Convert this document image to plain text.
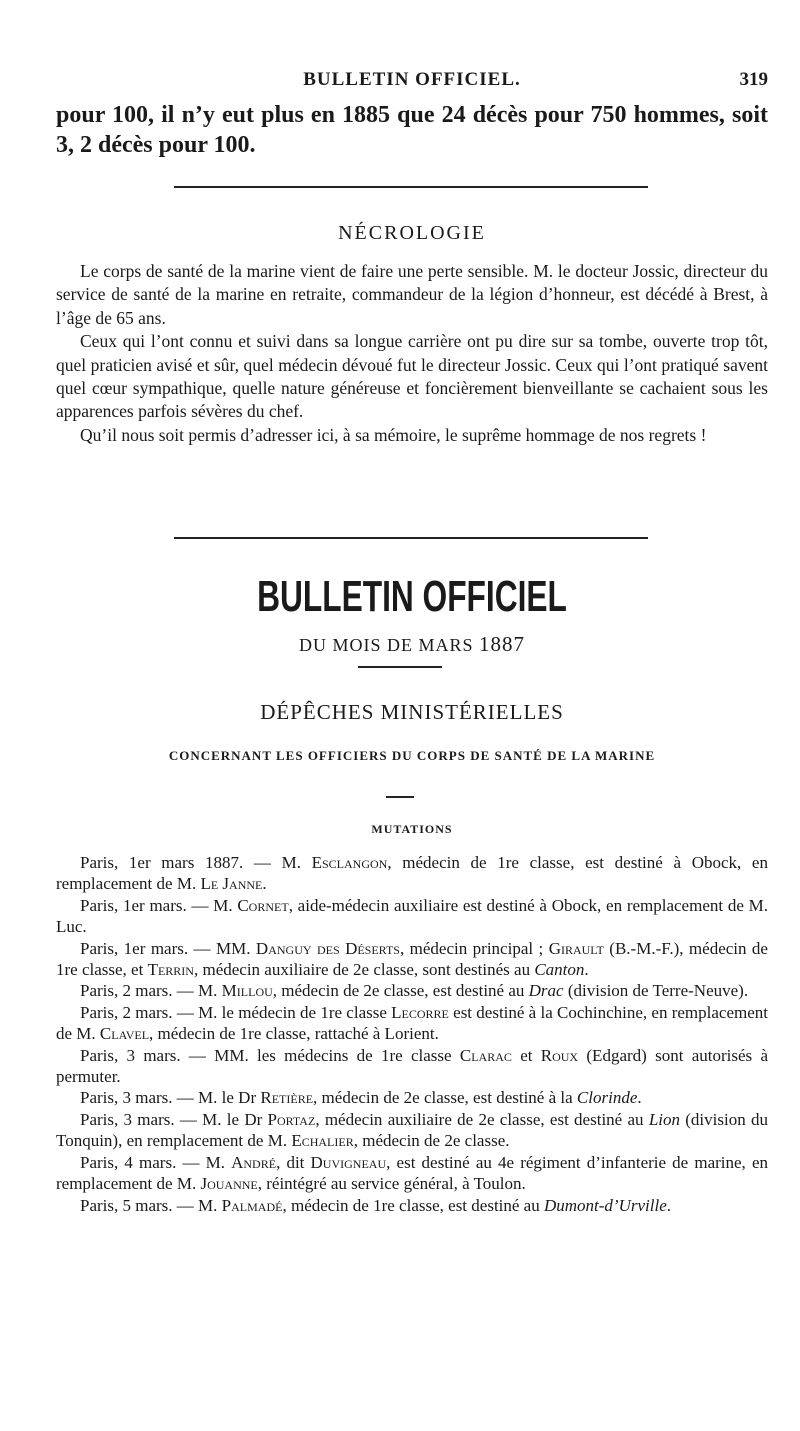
BULLETIN OFFICIEL.	319

pour 100, il n’y eut plus en 1885 que 24 décès pour 750 hommes, soit 3, 2 décès pour 100.

NÉCROLOGIE

Le corps de santé de la marine vient de faire une perte sensible. M. le docteur Jossic, directeur du service de santé de la marine en retraite, commandeur de la légion d’honneur, est décédé à Brest, à l’âge de 65 ans.

Ceux qui l’ont connu et suivi dans sa longue carrière ont pu dire sur sa tombe, ouverte trop tôt, quel praticien avisé et sûr, quel médecin dévoué fut le directeur Jossic. Ceux qui l’ont pratiqué savent quel cœur sympathique, quelle nature généreuse et foncièrement bienveillante se cachaient sous les apparences parfois sévères du chef.

Qu’il nous soit permis d’adresser ici, à sa mémoire, le suprême hommage de nos regrets !

BULLETIN OFFICIEL
DU MOIS DE MARS 1887
DÉPÊCHES MINISTÉRIELLES
CONCERNANT LES OFFICIERS DU CORPS DE SANTÉ DE LA MARINE
MUTATIONS

Paris, 1er mars 1887. — M. Esclangon, médecin de 1re classe, est destiné à Obock, en remplacement de M. Le Janne.

Paris, 1er mars. — M. Cornet, aide-médecin auxiliaire est destiné à Obock, en remplacement de M. Luc.

Paris, 1er mars. — MM. Danguy des Déserts, médecin principal ; Girault (B.-M.-F.), médecin de 1re classe, et Terrin, médecin auxiliaire de 2e classe, sont destinés au Canton.

Paris, 2 mars. — M. Millou, médecin de 2e classe, est destiné au Drac (division de Terre-Neuve).

Paris, 2 mars. — M. le médecin de 1re classe Lecorre est destiné à la Cochinchine, en remplacement de M. Clavel, médecin de 1re classe, rattaché à Lorient.

Paris, 3 mars. — MM. les médecins de 1re classe Clarac et Roux (Edgard) sont autorisés à permuter.

Paris, 3 mars. — M. le Dr Retière, médecin de 2e classe, est destiné à la Clorinde.

Paris, 3 mars. — M. le Dr Portaz, médecin auxiliaire de 2e classe, est destiné au Lion (division du Tonquin), en remplacement de M. Echalier, médecin de 2e classe.

Paris, 4 mars. — M. André, dit Duvigneau, est destiné au 4e régiment d’infanterie de marine, en remplacement de M. Jouanne, réintégré au service général, à Toulon.

Paris, 5 mars. — M. Palmadé, médecin de 1re classe, est destiné au Dumont-d’Urville.
